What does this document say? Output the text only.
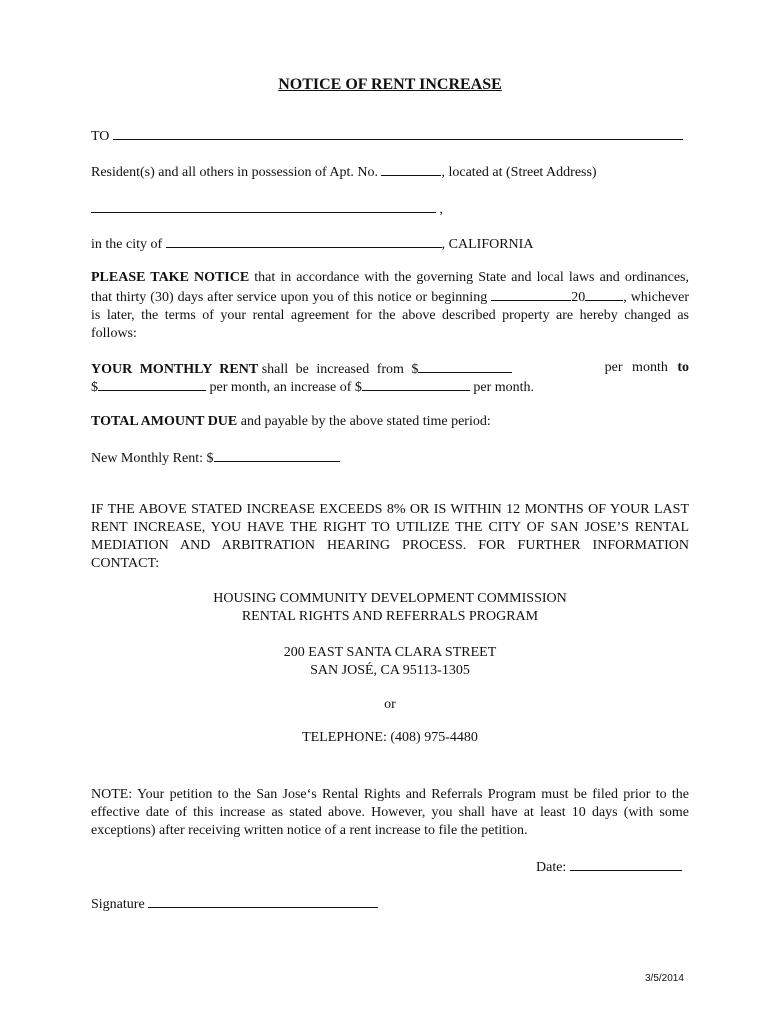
NOTICE OF RENT INCREASE
TO
Resident(s) and all others in possession of Apt. No.	, located at (Street Address)
,
in the city of	, CALIFORNIA
PLEASE TAKE NOTICE that in accordance with the governing State and local laws and ordinances, that thirty (30) days after service upon you of this notice or beginning	20	, whichever is later, the terms of your rental agreement for the above described property are hereby changed as follows:
YOUR MONTHLY RENT shall be increased from $	per month to
$	per month, an increase of $	per month.
TOTAL AMOUNT DUE and payable by the above stated time period:
New Monthly Rent: $
IF THE ABOVE STATED INCREASE EXCEEDS 8% OR IS WITHIN 12 MONTHS OF YOUR LAST RENT INCREASE, YOU HAVE THE RIGHT TO UTILIZE THE CITY OF SAN JOSE’S RENTAL MEDIATION AND ARBITRATION HEARING PROCESS. FOR FURTHER INFORMATION CONTACT:
HOUSING COMMUNITY DEVELOPMENT COMMISSION
RENTAL RIGHTS AND REFERRALS PROGRAM
200 EAST SANTA CLARA STREET
SAN JOSÉ, CA 95113-1305
or
TELEPHONE: (408) 975-4480
NOTE: Your petition to the San Jose‘s Rental Rights and Referrals Program must be filed prior to the effective date of this increase as stated above. However, you shall have at least 10 days (with some exceptions) after receiving written notice of a rent increase to file the petition.
Date:
Signature
3/5/2014
